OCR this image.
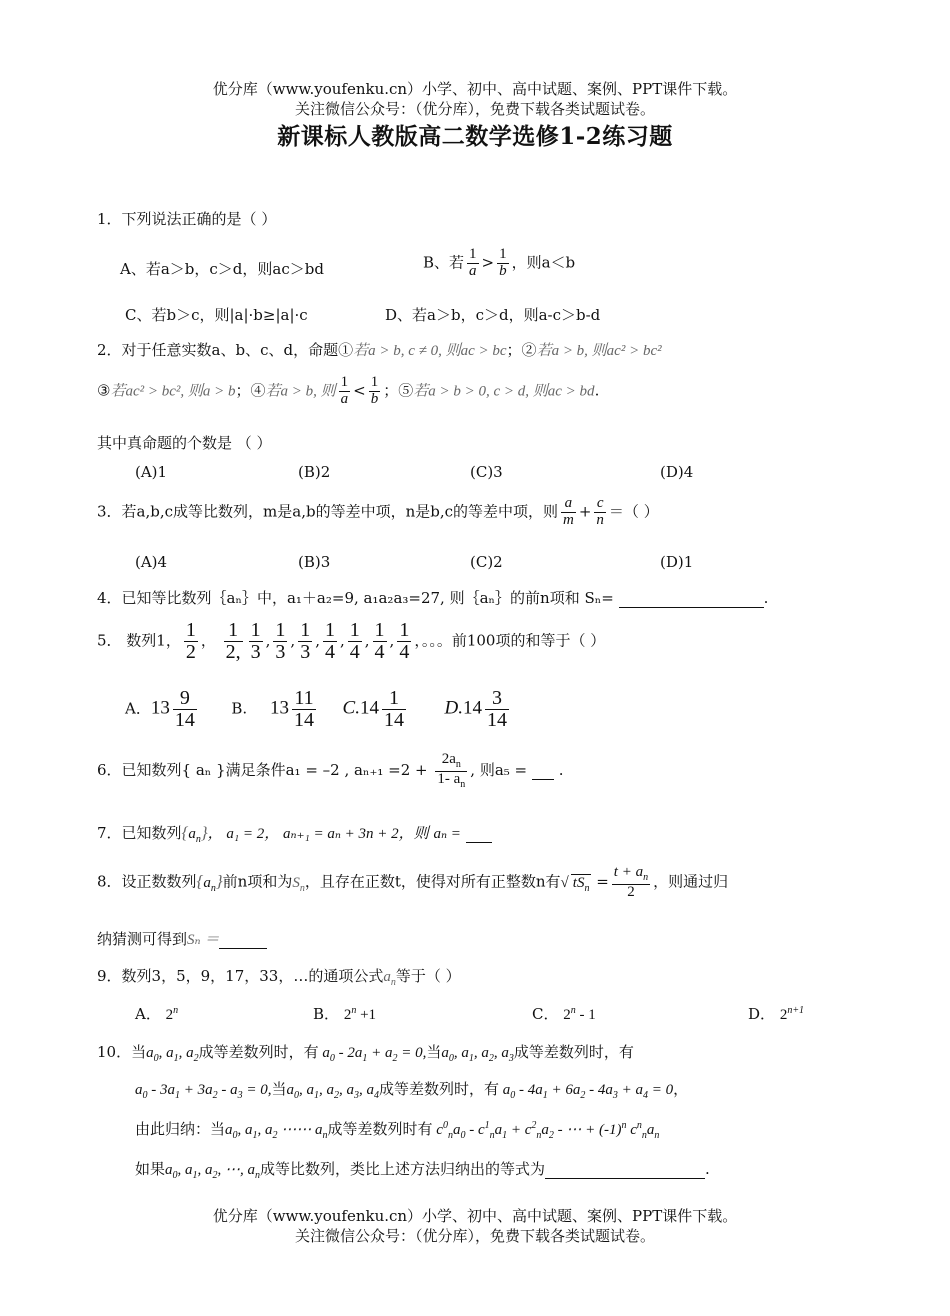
优分库（www.youfenku.cn）小学、初中、高中试题、案例、PPT课件下载。
关注微信公众号：（优分库），免费下载各类试题试卷。
新课标人教版高二数学选修1-2练习题
1．下列说法正确的是（ ）
A、若a＞b，c＞d，则ac＞bd	B、若 $\frac{1}{a} > \frac{1}{b}$ ，则a＜b
C、若b＞c，则|a|·b≥|a|·c	D、若a＞b，c＞d，则a-c＞b-d
2．对于任意实数a、b、c、d，命题①若a > b, c ≠ 0, 则ac > bc；②若a > b, 则ac² > bc²
③若ac² > bc², 则a > b；④若a > b, 则 $\frac{1}{a} < \frac{1}{b}$ ；⑤若a > b > 0, c > d, 则ac > bd.
其中真命题的个数是 （ ）
(A)1	(B)2	(C)3	(D)4
3．若a,b,c成等比数列，m是a,b的等差中项，n是b,c的等差中项，则 $\frac{a}{m} + \frac{c}{n}$ ＝（ ）
(A)4	(B)3	(C)2	(D)1
4．已知等比数列｛aₙ｝中，a₁＋a₂=9, a₁a₂a₃=27, 则｛aₙ｝的前n项和 Sₙ=	.
5． 数列1， $\frac{1}{2}$ ， $\frac{1}{2,} \frac{1}{3}$ , $\frac{1}{3}$ , $\frac{1}{3}$ , $\frac{1}{4}$ , $\frac{1}{4}$ , $\frac{1}{4}$ , $\frac{1}{4}$ ，。。。前100项的和等于（ ）
A．$13 \frac{9}{14} B$. $13 \frac{11}{14} C.14 \frac{1}{14} D.14 \frac{3}{14}$
6．已知数列{ aₙ }满足条件a₁ = –2 , $a_{n+1} =2 + \frac{2a_n}{1- a_n}$ , 则a₅ = .
7．已知数列$\{a_n\}$， a₁ = 2， aₙ₊₁ = aₙ + 3n + 2，则 aₙ =
8．设正数数列$\{a_n\}$前n项和为$S_n$，且存在正数t，使得对所有正整数n有√ $tS_n = \frac{t + a_n}{2}$ ，则通过归
纳猜测可得到Sₙ ＝
9．数列3，5，9，17，33，…的通项公式$a_n$等于（ ）
A． 2$^n$	B． $2^n +1$	C． 2$^n$ - 1	D． $2^{n+1}$
10．当$a_0$, $a_1$, $a_2$成等差数列时，有 $a_0 - 2a_1 + a_2 = 0$,当$a_0$, $a_1$, $a_2$, $a_3$成等差数列时，有
$a_0 - 3a_1 + 3a_2 - a_3 = 0$,当$a_0$, $a_1$, $a_2$, $a_3$, $a_4$成等差数列时，有 $a_0 - 4a_1 + 6a_2 - 4a_3 + a_4 = 0$，
由此归纳：当$a_0$, $a_1$, $a_2$ ⋯⋯ $a_n$成等差数列时有 $c^0_na_0 - c^1_na_1 + c^2_na_2$ - ⋯ + $(-1)^n$ $c^n_na_n$
如果$a_0$, $a_1$, $a_2$, ⋯, $a_n$成等比数列，类比上述方法归纳出的等式为	.
优分库（www.youfenku.cn）小学、初中、高中试题、案例、PPT课件下载。
关注微信公众号：（优分库），免费下载各类试题试卷。
